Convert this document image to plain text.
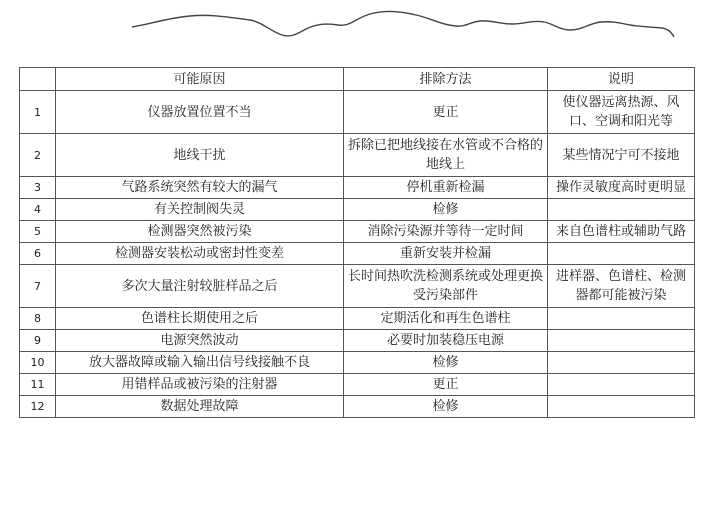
	可能原因	排除方法	说明
1	仪器放置位置不当	更正	使仪器远离热源、风口、空调和阳光等
2	地线干扰	拆除已把地线接在水管或不合格的地线上	某些情况宁可不接地
3	气路系统突然有较大的漏气	停机重新检漏	操作灵敏度高时更明显
4	有关控制阀失灵	检修	
5	检测器突然被污染	消除污染源并等待一定时间	来自色谱柱或辅助气路
6	检测器安装松动或密封性变差	重新安装并检漏	
7	多次大量注射较脏样品之后	长时间热吹洗检测系统或处理更换受污染部件	进样器、色谱柱、检测器都可能被污染
8	色谱柱长期使用之后	定期活化和再生色谱柱	
9	电源突然波动	必要时加装稳压电源	
10	放大器故障或输入输出信号线接触不良	检修	
11	用错样品或被污染的注射器	更正	
12	数据处理故障	检修	
